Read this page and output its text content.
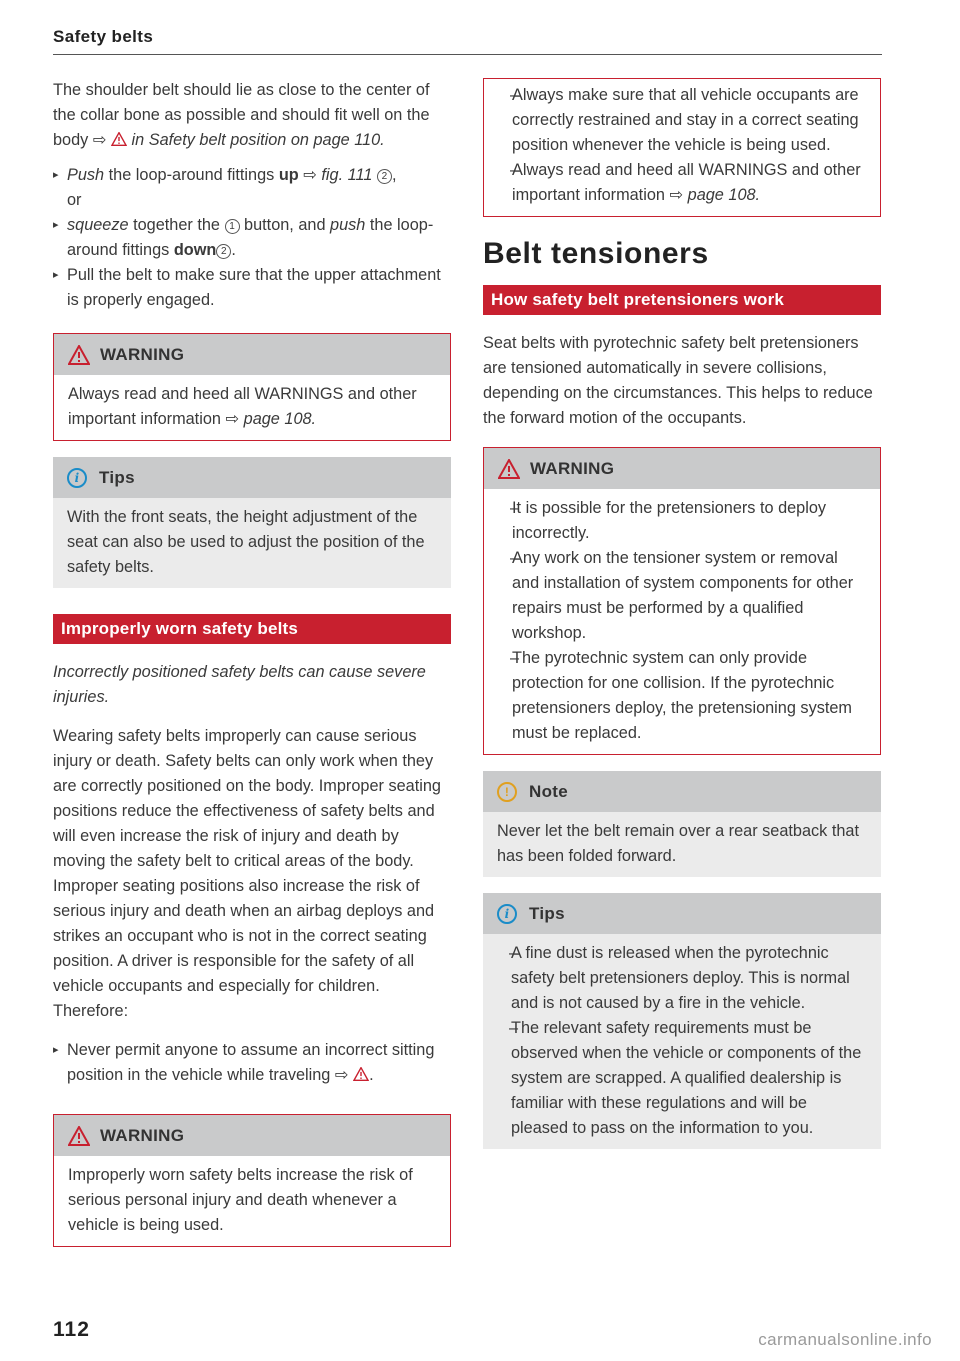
Safety belts

The shoulder belt should lie as close to the center of the collar bone as possible and should fit well on the body ⇨ in Safety belt position on page 110.

▸ Push the loop-around fittings up ⇨ fig. 111 2 ,
or
▸ squeeze together the 1 button, and push the loop-around fittings down 2 .
▸ Pull the belt to make sure that the upper attachment is properly engaged.
WARNING

Always read and heed all WARNINGS and other important information ⇨ page 108.

i	Tips

With the front seats, the height adjustment of the seat can also be used to adjust the position of the safety belts.

Improperly worn safety belts

Incorrectly positioned safety belts can cause severe injuries.

Wearing safety belts improperly can cause serious injury or death. Safety belts can only work when they are correctly positioned on the body. Improper seating positions reduce the effectiveness of safety belts and will even increase the risk of injury and death by moving the safety belt to critical areas of the body. Improper seating positions also increase the risk of serious injury and death when an airbag deploys and strikes an occupant who is not in the correct seating position. A driver is responsible for the safety of all vehicle occupants and especially for children. Therefore:

▸ Never permit anyone to assume an incorrect sitting position in the vehicle while traveling ⇨ .
WARNING

Improperly worn safety belts increase the risk of serious personal injury and death whenever a vehicle is being used.

– Always make sure that all vehicle occupants are correctly restrained and stay in a correct seating position whenever the vehicle is being used.
– Always read and heed all WARNINGS and other important information ⇨ page 108.
Belt tensioners
How safety belt pretensioners work

Seat belts with pyrotechnic safety belt pretensioners are tensioned automatically in severe collisions, depending on the circumstances. This helps to reduce the forward motion of the occupants.

WARNING
– It is possible for the pretensioners to deploy incorrectly.
– Any work on the tensioner system or removal and installation of system components for other repairs must be performed by a qualified workshop.
– The pyrotechnic system can only provide protection for one collision. If the pyrotechnic pretensioners deploy, the pretensioning system must be replaced.
!	Note

Never let the belt remain over a rear seatback that has been folded forward.

i	Tips
– A fine dust is released when the pyrotechnic safety belt pretensioners deploy. This is normal and is not caused by a fire in the vehicle.
– The relevant safety requirements must be observed when the vehicle or components of the system are scrapped. A qualified dealership is familiar with these regulations and will be pleased to pass on the information to you.
112	carmanualsonline.info
